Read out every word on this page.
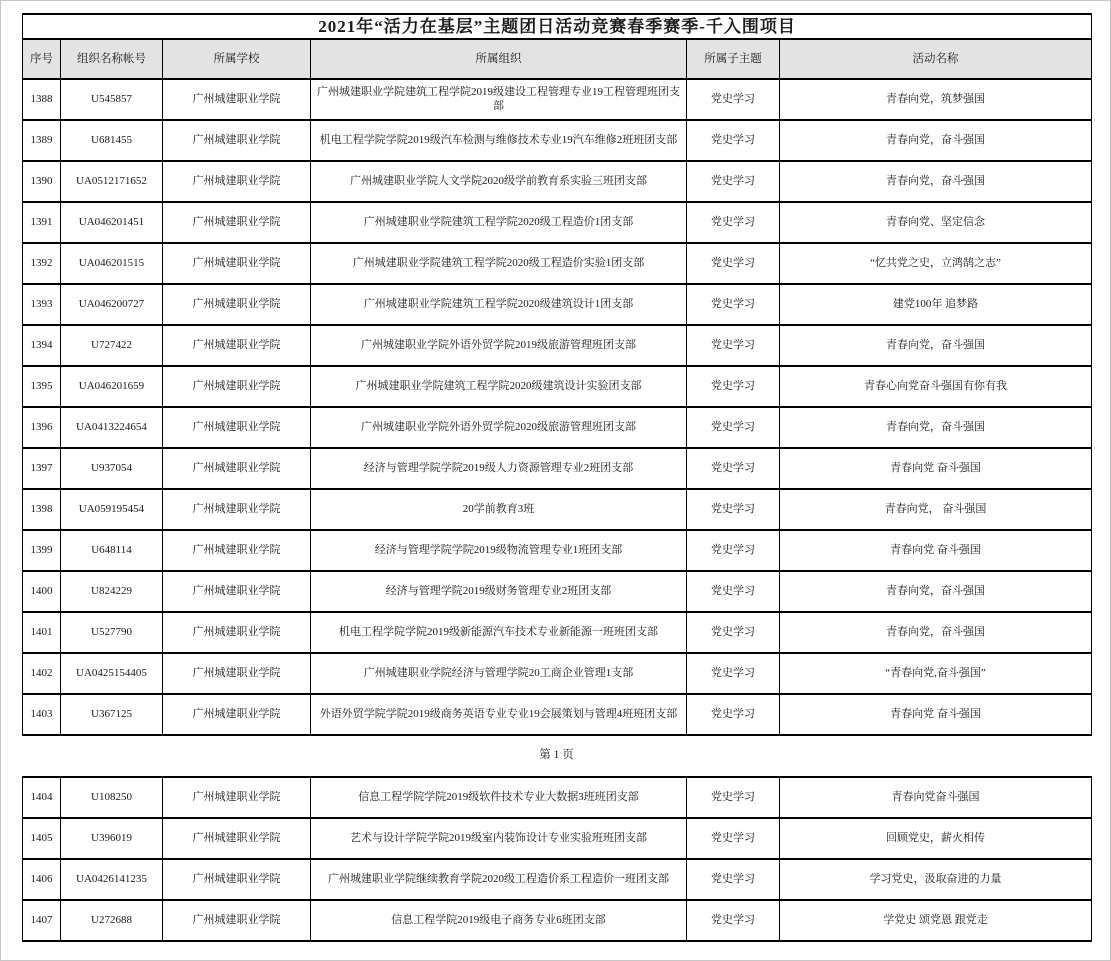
2021年“活力在基层”主题团日活动竞赛春季赛季-千入围项目					
序号	组织名称帐号	所属学校	所属组织	所属子主题	活动名称
1388	U545857	广州城建职业学院	广州城建职业学院建筑工程学院2019级建设工程管理专业19工程管理班团支部	党史学习	青春向党，筑梦强国
1389	U681455	广州城建职业学院	机电工程学院学院2019级汽车检测与维修技术专业19汽车维修2班班团支部	党史学习	青春向党，奋斗强国
1390	UA0512171652	广州城建职业学院	广州城建职业学院人文学院2020级学前教育系实验三班团支部	党史学习	青春向党，奋斗强国
1391	UA046201451	广州城建职业学院	广州城建职业学院建筑工程学院2020级工程造价1团支部	党史学习	青春向党、坚定信念
1392	UA046201515	广州城建职业学院	广州城建职业学院建筑工程学院2020级工程造价实验1团支部	党史学习	“忆共党之史，立鸿鹄之志”
1393	UA046200727	广州城建职业学院	广州城建职业学院建筑工程学院2020级建筑设计1团支部	党史学习	建党100年 追梦路
1394	U727422	广州城建职业学院	广州城建职业学院外语外贸学院2019级旅游管理班团支部	党史学习	青春向党，奋斗强国
1395	UA046201659	广州城建职业学院	广州城建职业学院建筑工程学院2020级建筑设计实验团支部	党史学习	青春心向党奋斗强国有你有我
1396	UA0413224654	广州城建职业学院	广州城建职业学院外语外贸学院2020级旅游管理班团支部	党史学习	青春向党，奋斗强国
1397	U937054	广州城建职业学院	经济与管理学院学院2019级人力资源管理专业2班团支部	党史学习	青春向党 奋斗强国
1398	UA059195454	广州城建职业学院	20学前教育3班	党史学习	青春向党， 奋斗强国
1399	U648114	广州城建职业学院	经济与管理学院学院2019级物流管理专业1班团支部	党史学习	青春向党 奋斗强国
1400	U824229	广州城建职业学院	经济与管理学院2019级财务管理专业2班团支部	党史学习	青春向党，奋斗强国
1401	U527790	广州城建职业学院	机电工程学院学院2019级新能源汽车技术专业新能源一班班团支部	党史学习	青春向党，奋斗强国
1402	UA0425154405	广州城建职业学院	广州城建职业学院经济与管理学院20工商企业管理1支部	党史学习	“青春向党,奋斗强国”
1403	U367125	广州城建职业学院	外语外贸学院学院2019级商务英语专业专业19会展策划与管理4班班团支部	党史学习	青春向党 奋斗强国
第 1 页
1404	U108250	广州城建职业学院	信息工程学院学院2019级软件技术专业大数据3班班团支部	党史学习	青春向党奋斗强国
1405	U396019	广州城建职业学院	艺术与设计学院学院2019级室内装饰设计专业实验班班团支部	党史学习	回顾党史，薪火相传
1406	UA0426141235	广州城建职业学院	广州城建职业学院继续教育学院2020级工程造价系工程造价一班团支部	党史学习	学习党史，汲取奋进的力量
1407	U272688	广州城建职业学院	信息工程学院2019级电子商务专业6班团支部	党史学习	学党史 颂党恩 跟党走
